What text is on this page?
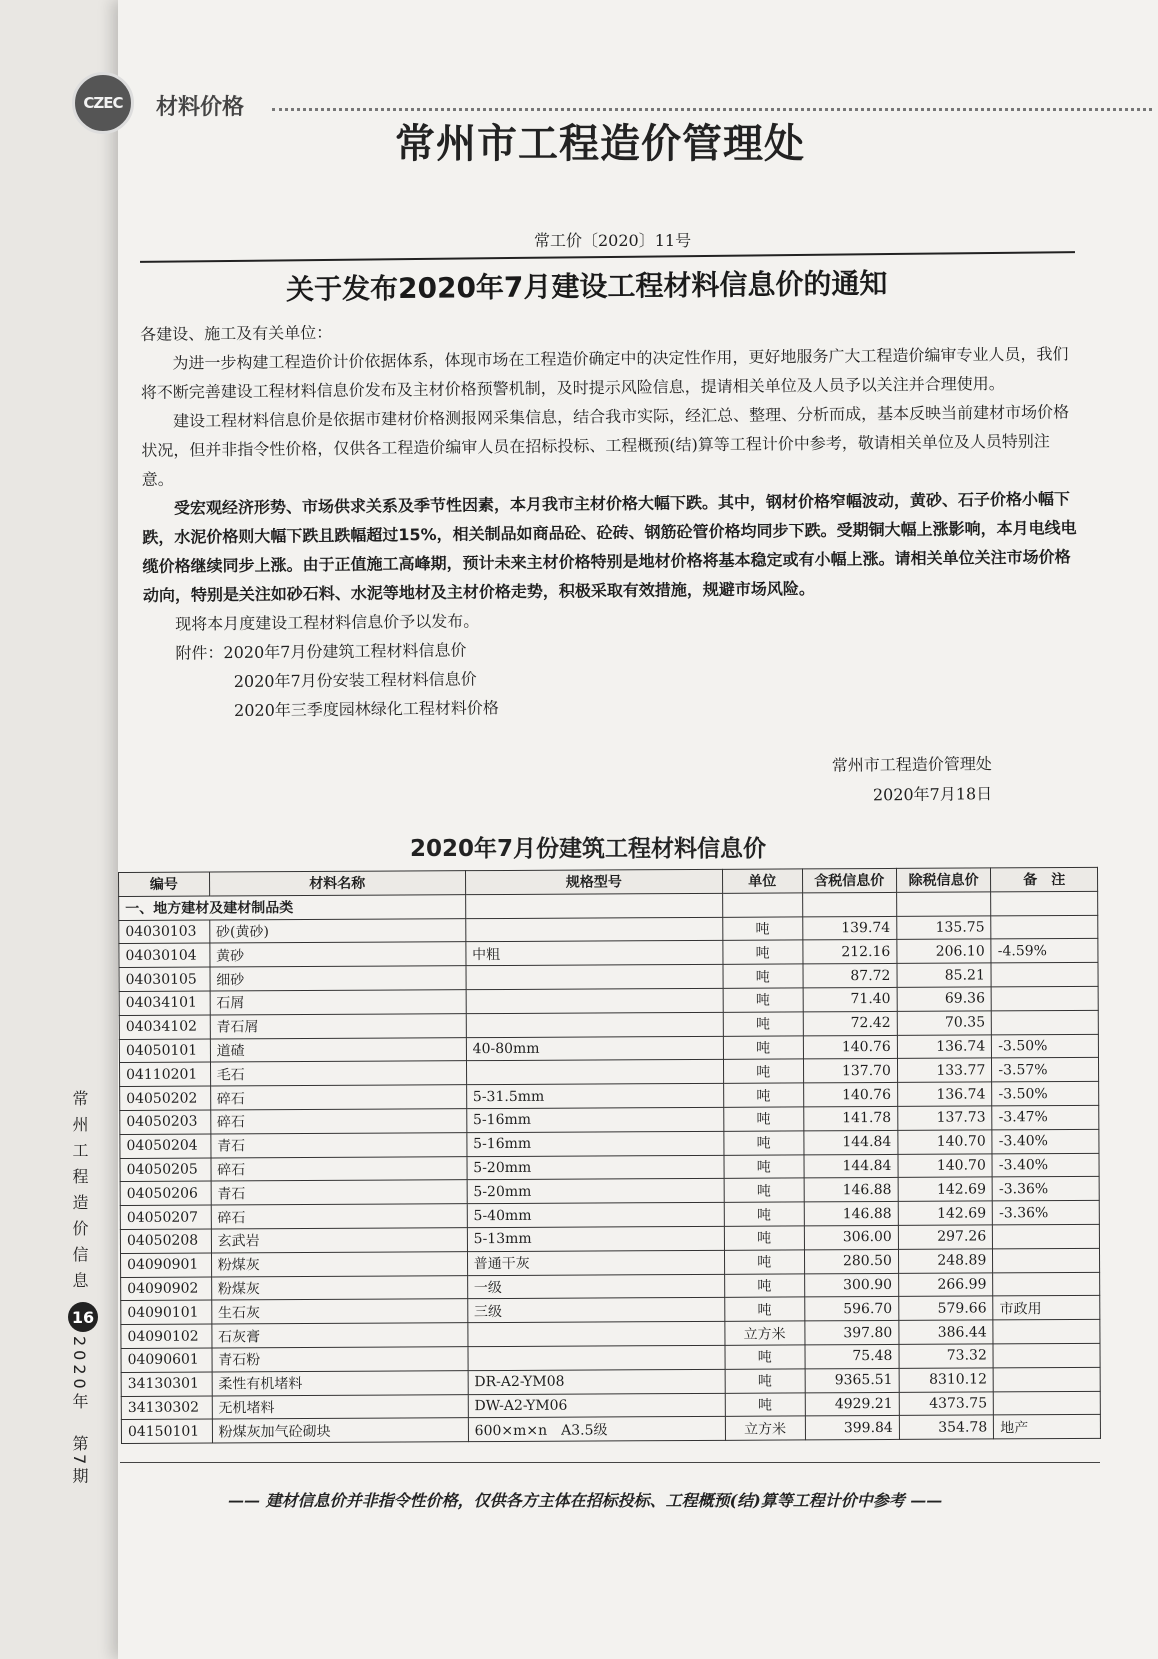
CZEC 材料价格
常州市工程造价管理处
常工价〔2020〕11号
关于发布2020年7月建设工程材料信息价的通知

各建设、施工及有关单位：

为进一步构建工程造价计价依据体系，体现市场在工程造价确定中的决定性作用，更好地服务广大工程造价编审专业人员，我们将不断完善建设工程材料信息价发布及主材价格预警机制，及时提示风险信息，提请相关单位及人员予以关注并合理使用。

建设工程材料信息价是依据市建材价格测报网采集信息，结合我市实际，经汇总、整理、分析而成，基本反映当前建材市场价格状况，但并非指令性价格，仅供各工程造价编审人员在招标投标、工程概预(结)算等工程计价中参考，敬请相关单位及人员特别注意。

受宏观经济形势、市场供求关系及季节性因素，本月我市主材价格大幅下跌。其中，钢材价格窄幅波动，黄砂、石子价格小幅下跌，水泥价格则大幅下跌且跌幅超过15%，相关制品如商品砼、砼砖、钢筋砼管价格均同步下跌。受期铜大幅上涨影响，本月电线电缆价格继续同步上涨。由于正值施工高峰期，预计未来主材价格特别是地材价格将基本稳定或有小幅上涨。请相关单位关注市场价格动向，特别是关注如砂石料、水泥等地材及主材价格走势，积极采取有效措施，规避市场风险。

现将本月度建设工程材料信息价予以发布。

附件：2020年7月份建筑工程材料信息价
2020年7月份安装工程材料信息价
2020年三季度园林绿化工程材料价格
常州市工程造价管理处
2020年7月18日
2020年7月份建筑工程材料信息价
编号	材料名称	规格型号	单位	含税信息价	除税信息价	备　注
一、地方建材及建材制品类						
04030103	砂(黄砂)		吨	139.74	135.75	
04030104	黄砂	中粗	吨	212.16	206.10	-4.59%
04030105	细砂		吨	87.72	85.21	
04034101	石屑		吨	71.40	69.36	
04034102	青石屑		吨	72.42	70.35	
04050101	道碴	40-80mm	吨	140.76	136.74	-3.50%
04110201	毛石		吨	137.70	133.77	-3.57%
04050202	碎石	5-31.5mm	吨	140.76	136.74	-3.50%
04050203	碎石	5-16mm	吨	141.78	137.73	-3.47%
04050204	青石	5-16mm	吨	144.84	140.70	-3.40%
04050205	碎石	5-20mm	吨	144.84	140.70	-3.40%
04050206	青石	5-20mm	吨	146.88	142.69	-3.36%
04050207	碎石	5-40mm	吨	146.88	142.69	-3.36%
04050208	玄武岩	5-13mm	吨	306.00	297.26	
04090901	粉煤灰	普通干灰	吨	280.50	248.89	
04090902	粉煤灰	一级	吨	300.90	266.99	
04090101	生石灰	三级	吨	596.70	579.66	市政用
04090102	石灰膏		立方米	397.80	386.44	
04090601	青石粉		吨	75.48	73.32	
34130301	柔性有机堵料	DR-A2-YM08	吨	9365.51	8310.12	
34130302	无机堵料	DW-A2-YM06	吨	4929.21	4373.75	
04150101	粉煤灰加气砼砌块	600×m×n　A3.5级	立方米	399.84	354.78	地产
常州工程造价信息
16
2020年
第7期
—— 建材信息价并非指令性价格，仅供各方主体在招标投标、工程概预(结)算等工程计价中参考 ——
